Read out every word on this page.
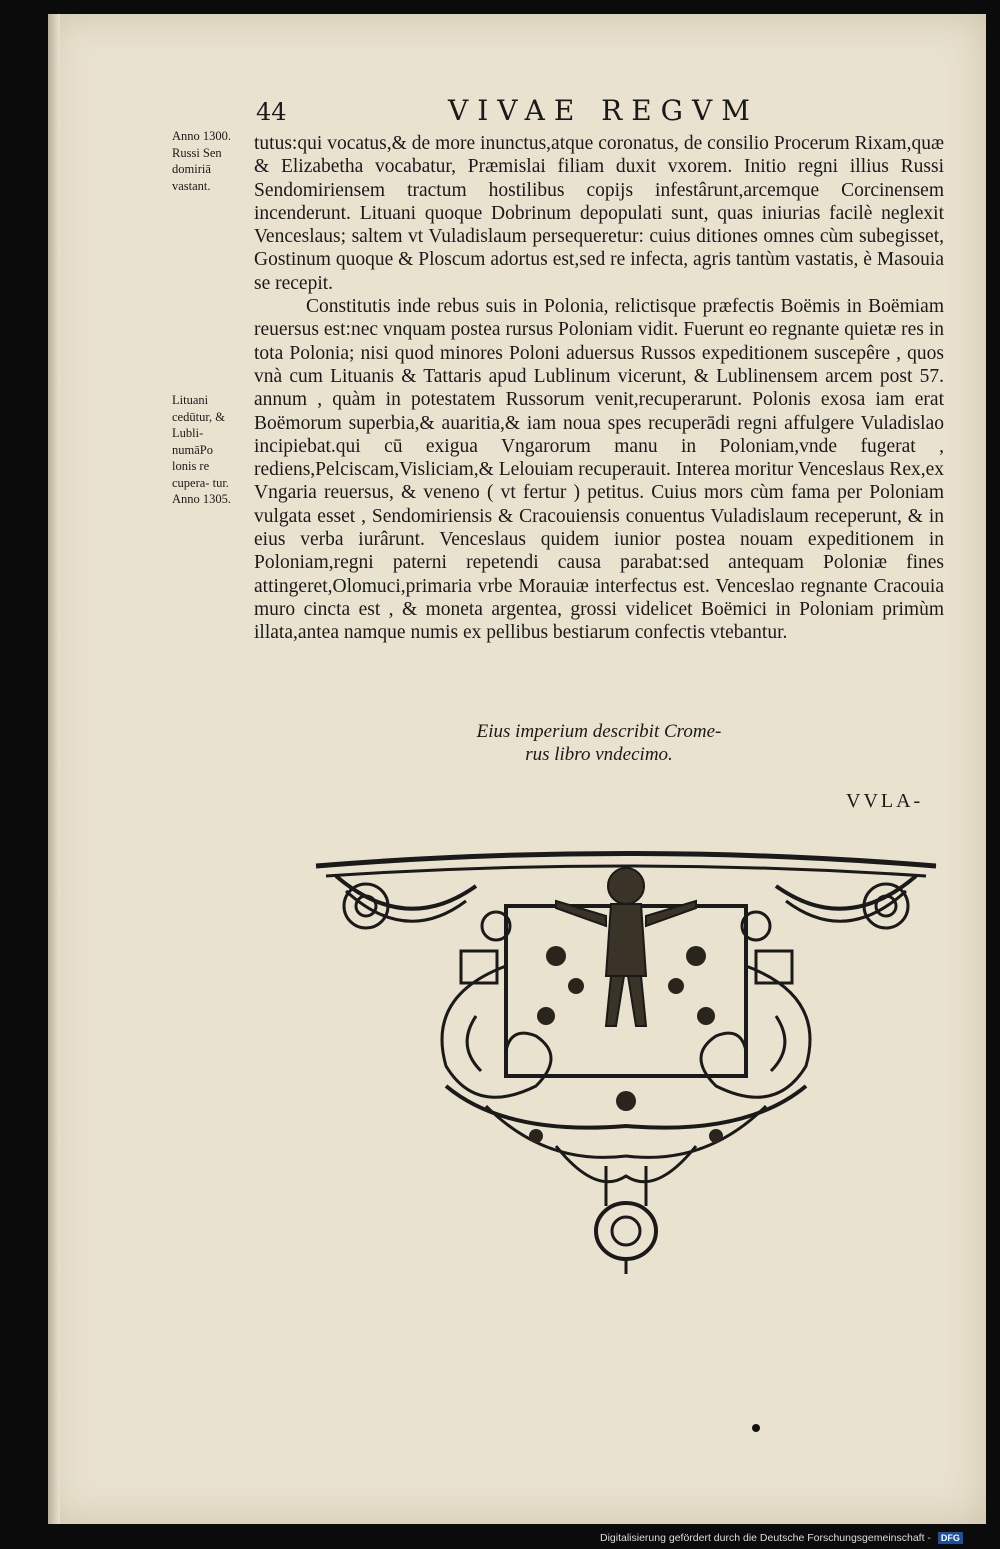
44	VIVAE REGVM
Anno 1300. Russi Sen domiriā vastant.
Lituani cedūtur, & Lubli- numāPo lonis re cupera- tur. Anno 1305.

tutus:qui vocatus,& de more inunctus,atque coronatus, de consilio Procerum Rixam,quæ & Elizabetha vocabatur, Præmislai filiam duxit vxorem. Initio regni illius Russi Sendomiriensem tractum hostilibus copijs infestârunt,arcemque Corcinensem incenderunt. Lituani quoque Dobrinum depopulati sunt, quas iniurias facilè neglexit Venceslaus; saltem vt Vuladislaum persequeretur: cuius ditiones omnes cùm subegisset, Gostinum quoque & Ploscum adortus est,sed re infecta, agris tantùm vastatis, è Masouia se recepit.

Constitutis inde rebus suis in Polonia, relictisque præfectis Boëmis in Boëmiam reuersus est:nec vnquam postea rursus Poloniam vidit. Fuerunt eo regnante quietæ res in tota Polonia; nisi quod minores Poloni aduersus Russos expeditionem suscepêre , quos vnà cum Lituanis & Tattaris apud Lublinum vicerunt, & Lublinensem arcem post 57. annum , quàm in potestatem Russorum venit,recuperarunt. Polonis exosa iam erat Boëmorum superbia,& auaritia,& iam noua spes recuperādi regni affulgere Vuladislao incipiebat.qui cū exigua Vngarorum manu in Poloniam,vnde fugerat , rediens,Pelciscam,Visliciam,& Lelouiam recuperauit. Interea moritur Venceslaus Rex,ex Vngaria reuersus, & veneno ( vt fertur ) petitus. Cuius mors cùm fama per Poloniam vulgata esset , Sendomiriensis & Cracouiensis conuentus Vuladislaum receperunt, & in eius verba iurârunt. Venceslaus quidem iunior postea nouam expeditionem in Poloniam,regni paterni repetendi causa parabat:sed antequam Poloniæ fines attingeret,Olomuci,primaria vrbe Morauiæ interfectus est. Venceslao regnante Cracouia muro cincta est , & moneta argentea, grossi videlicet Boëmici in Poloniam primùm illata,antea namque numis ex pellibus bestiarum confectis vtebantur.

Eius imperium describit Crome-
rus libro vndecimo.
VVLA-
Digitalisierung gefördert durch die Deutsche Forschungsgemeinschaft - DFG
